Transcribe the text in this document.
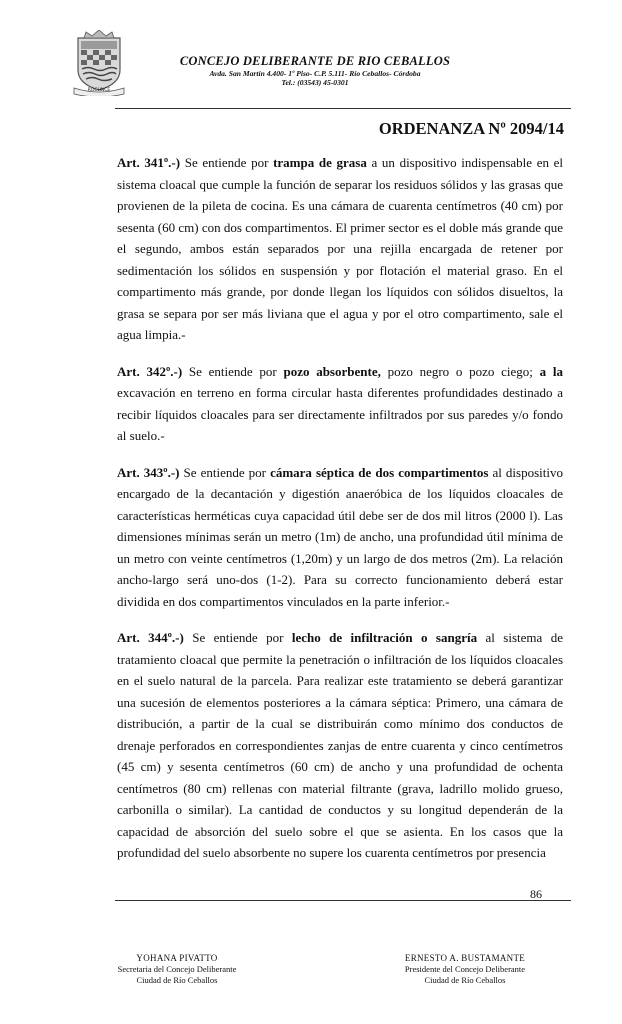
ROCHNCE
CONCEJO DELIBERANTE DE RIO CEBALLOS
Avda. San Martín 4.400- 1º Piso- C.P. 5.111- Río Ceballos- Córdoba
Tel.: (03543) 45-0301
ORDENANZA Nº 2094/14

Art. 341º.-) Se entiende por trampa de grasa a un dispositivo indispensable en el sistema cloacal que cumple la función de separar los residuos sólidos y las grasas que provienen de la pileta de cocina. Es una cámara de cuarenta centímetros (40 cm) por sesenta (60 cm) con dos compartimentos. El primer sector es el doble más grande que el segundo, ambos están separados por una rejilla encargada de retener por sedimentación los sólidos en suspensión y por flotación el material graso. En el compartimento más grande, por donde llegan los líquidos con sólidos disueltos, la grasa se separa por ser más liviana que el agua y por el otro compartimento, sale el agua limpia.-

Art. 342º.-) Se entiende por pozo absorbente, pozo negro o pozo ciego; a la excavación en terreno en forma circular hasta diferentes profundidades destinado a recibir líquidos cloacales para ser directamente infiltrados por sus paredes y/o fondo al suelo.-

Art. 343º.-) Se entiende por cámara séptica de dos compartimentos al dispositivo encargado de la decantación y digestión anaeróbica de los líquidos cloacales de características herméticas cuya capacidad útil debe ser de dos mil litros (2000 l). Las dimensiones mínimas serán un metro (1m) de ancho, una profundidad útil mínima de un metro con veinte centímetros (1,20m) y un largo de dos metros (2m). La relación ancho-largo será uno-dos (1-2). Para su correcto funcionamiento deberá estar dividida en dos compartimentos vinculados en la parte inferior.-

Art. 344º.-) Se entiende por lecho de infiltración o sangría al sistema de tratamiento cloacal que permite la penetración o infiltración de los líquidos cloacales en el suelo natural de la parcela. Para realizar este tratamiento se deberá garantizar una sucesión de elementos posteriores a la cámara séptica: Primero, una cámara de distribución, a partir de la cual se distribuirán como mínimo dos conductos de drenaje perforados en correspondientes zanjas de entre cuarenta y cinco centímetros (45 cm) y sesenta centímetros (60 cm) de ancho y una profundidad de ochenta centímetros (80 cm) rellenas con material filtrante (grava, ladrillo molido grueso, carbonilla o similar). La cantidad de conductos y su longitud dependerán de la capacidad de absorción del suelo sobre el que se asienta. En los casos que la profundidad del suelo absorbente no supere los cuarenta centímetros por presencia

86
YOHANA PIVATTO
Secretaria del Concejo Deliberante
Ciudad de Río Ceballos
ERNESTO A. BUSTAMANTE
Presidente del Concejo Deliberante
Ciudad de Río Ceballos
